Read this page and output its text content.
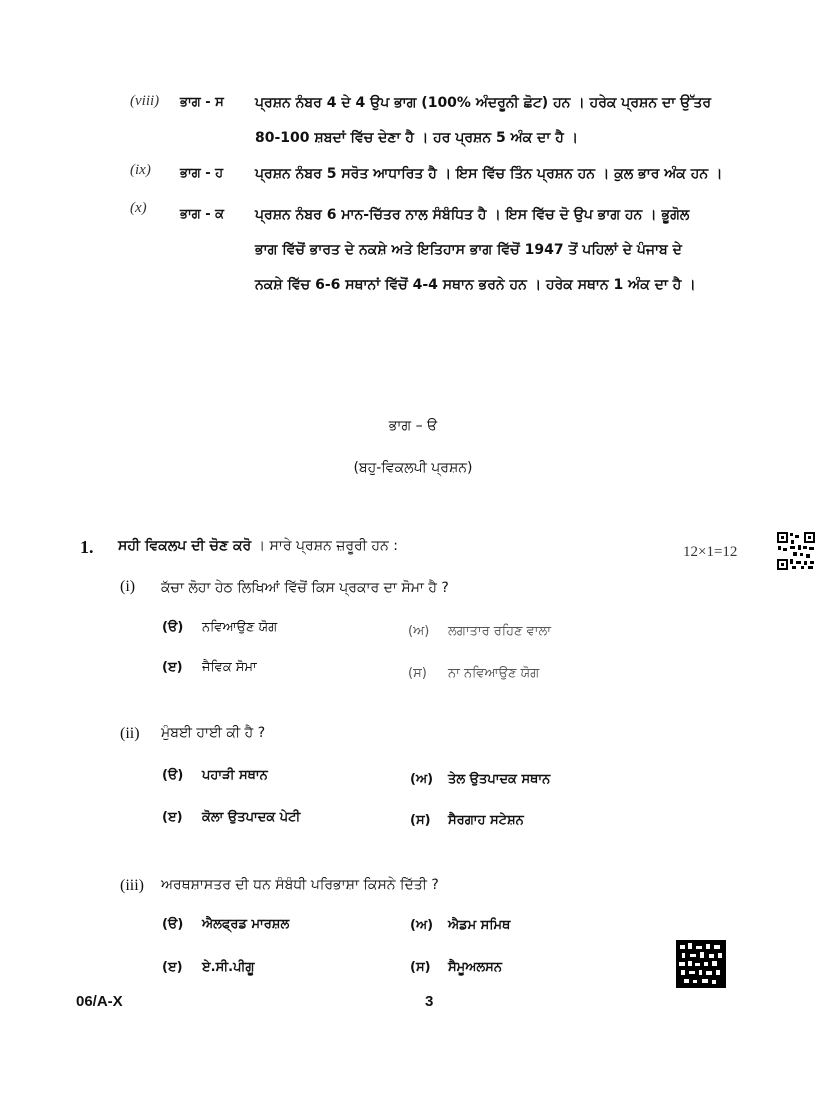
(viii) ਭਾਗ - ਸ ਪ੍ਰਸ਼ਨ ਨੰਬਰ 4 ਦੇ 4 ਉਪ ਭਾਗ (100% ਅੰਦਰੂਨੀ ਛੋਟ) ਹਨ । ਹਰੇਕ ਪ੍ਰਸ਼ਨ ਦਾ ਉੱਤਰ
80-100 ਸ਼ਬਦਾਂ ਵਿੱਚ ਦੇਣਾ ਹੈ । ਹਰ ਪ੍ਰਸ਼ਨ 5 ਅੰਕ ਦਾ ਹੈ ।
(ix) ਭਾਗ - ਹ ਪ੍ਰਸ਼ਨ ਨੰਬਰ 5 ਸਰੋਤ ਆਧਾਰਿਤ ਹੈ । ਇਸ ਵਿੱਚ ਤਿੰਨ ਪ੍ਰਸ਼ਨ ਹਨ । ਕੁਲ ਭਾਰ ਅੰਕ ਹਨ ।
(x)	ਭਾਗ - ਕ ਪ੍ਰਸ਼ਨ ਨੰਬਰ 6 ਮਾਨ-ਚਿੱਤਰ ਨਾਲ ਸੰਬੰਧਿਤ ਹੈ । ਇਸ ਵਿੱਚ ਦੋ ਉਪ ਭਾਗ ਹਨ । ਭੂਗੋਲ
ਭਾਗ ਵਿੱਚੋਂ ਭਾਰਤ ਦੇ ਨਕਸ਼ੇ ਅਤੇ ਇਤਿਹਾਸ ਭਾਗ ਵਿੱਚੋਂ 1947 ਤੋਂ ਪਹਿਲਾਂ ਦੇ ਪੰਜਾਬ ਦੇ
ਨਕਸ਼ੇ ਵਿੱਚ 6-6 ਸਥਾਨਾਂ ਵਿੱਚੋਂ 4-4 ਸਥਾਨ ਭਰਨੇ ਹਨ । ਹਰੇਕ ਸਥਾਨ 1 ਅੰਕ ਦਾ ਹੈ ।
ਭਾਗ – ੳ
(ਬਹੁ-ਵਿਕਲਪੀ ਪ੍ਰਸ਼ਨ)
1. ਸਹੀ ਵਿਕਲਪ ਦੀ ਚੋਣ ਕਰੋ । ਸਾਰੇ ਪ੍ਰਸ਼ਨ ਜ਼ਰੂਰੀ ਹਨ :	12×1=12
(i) ਕੱਚਾ ਲੋਹਾ ਹੇਠ ਲਿਖਿਆਂ ਵਿੱਚੋਂ ਕਿਸ ਪ੍ਰਕਾਰ ਦਾ ਸੋਮਾ ਹੈ ?
(ੳ) ਨਵਿਆਉਣ ਯੋਗ	(ਅ) ਲਗਾਤਾਰ ਰਹਿਣ ਵਾਲਾ
(ੲ) ਜੈਵਿਕ ਸੋਮਾ	(ਸ) ਨਾ ਨਵਿਆਉਣ ਯੋਗ
(ii) ਮੁੰਬਈ ਹਾਈ ਕੀ ਹੈ ?
(ੳ) ਪਹਾੜੀ ਸਥਾਨ	(ਅ) ਤੇਲ ਉਤਪਾਦਕ ਸਥਾਨ
(ੲ) ਕੋਲਾ ਉਤਪਾਦਕ ਪੇਟੀ	(ਸ) ਸੈਰਗਾਹ ਸਟੇਸ਼ਨ
(iii) ਅਰਥਸ਼ਾਸਤਰ ਦੀ ਧਨ ਸੰਬੰਧੀ ਪਰਿਭਾਸ਼ਾ ਕਿਸਨੇ ਦਿੱਤੀ ?
(ੳ) ਐਲਫ੍ਰਡ ਮਾਰਸ਼ਲ	(ਅ) ਐਡਮ ਸਮਿਥ
(ੲ) ਏ.ਸੀ.ਪੀਗੂ	(ਸ) ਸੈਮੂਅਲਸਨ
06/A-X	3
